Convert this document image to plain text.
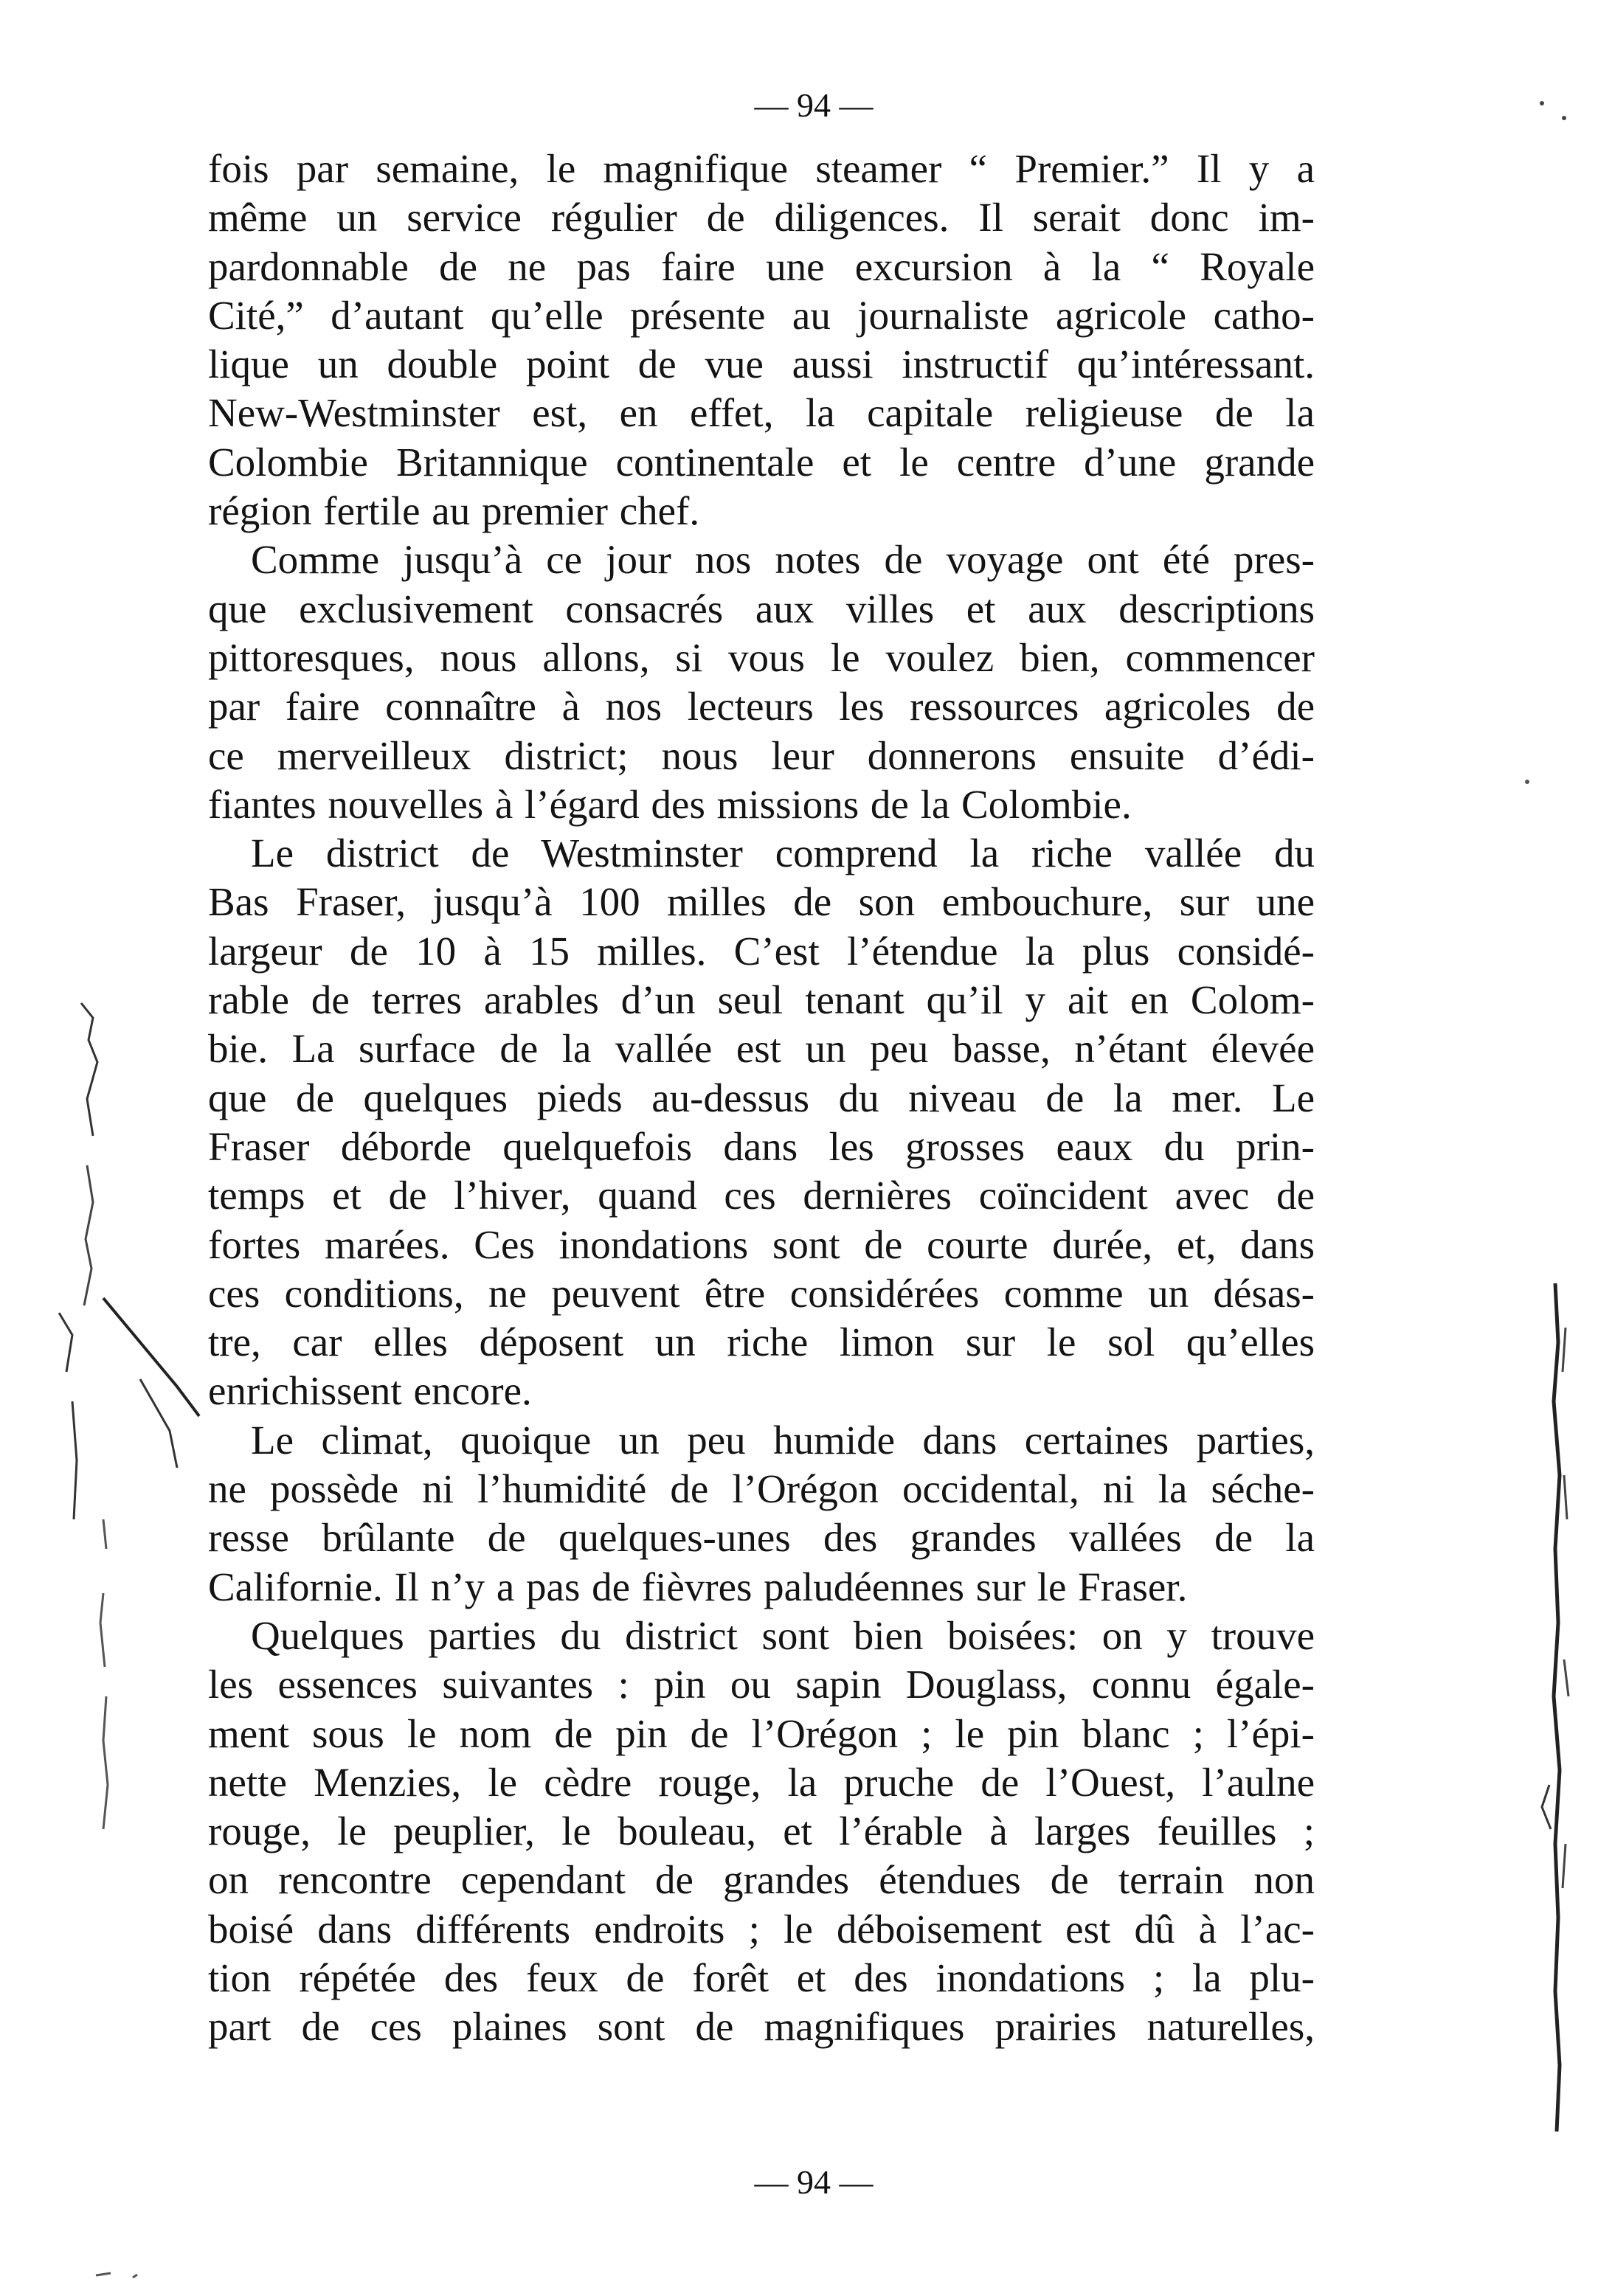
— 94 —

fois par semaine, le magnifique steamer “ Premier.” Il y a
même un service régulier de diligences. Il serait donc im-
pardonnable de ne pas faire une excursion à la “ Royale
Cité,” d’autant qu’elle présente au journaliste agricole catho-
lique un double point de vue aussi instructif qu’intéressant.
New-Westminster est, en effet, la capitale religieuse de la
Colombie Britannique continentale et le centre d’une grande
région fertile au premier chef.

Comme jusqu’à ce jour nos notes de voyage ont été pres-
que exclusivement consacrés aux villes et aux descriptions
pittoresques, nous allons, si vous le voulez bien, commencer
par faire connaître à nos lecteurs les ressources agricoles de
ce merveilleux district; nous leur donnerons ensuite d’édi-
fiantes nouvelles à l’égard des missions de la Colombie.

Le district de Westminster comprend la riche vallée du
Bas Fraser, jusqu’à 100 milles de son embouchure, sur une
largeur de 10 à 15 milles. C’est l’étendue la plus considé-
rable de terres arables d’un seul tenant qu’il y ait en Colom-
bie. La surface de la vallée est un peu basse, n’étant élevée
que de quelques pieds au-dessus du niveau de la mer. Le
Fraser déborde quelquefois dans les grosses eaux du prin-
temps et de l’hiver, quand ces dernières coïncident avec de
fortes marées. Ces inondations sont de courte durée, et, dans
ces conditions, ne peuvent être considérées comme un désas-
tre, car elles déposent un riche limon sur le sol qu’elles
enrichissent encore.

Le climat, quoique un peu humide dans certaines parties,
ne possède ni l’humidité de l’Orégon occidental, ni la séche-
resse brûlante de quelques-unes des grandes vallées de la
Californie. Il n’y a pas de fièvres paludéennes sur le Fraser.

Quelques parties du district sont bien boisées: on y trouve
les essences suivantes : pin ou sapin Douglass, connu égale-
ment sous le nom de pin de l’Orégon ; le pin blanc ; l’épi-
nette Menzies, le cèdre rouge, la pruche de l’Ouest, l’aulne
rouge, le peuplier, le bouleau, et l’érable à larges feuilles ;
on rencontre cependant de grandes étendues de terrain non
boisé dans différents endroits ; le déboisement est dû à l’ac-
tion répétée des feux de forêt et des inondations ; la plu-
part de ces plaines sont de magnifiques prairies naturelles,

— 94 —
